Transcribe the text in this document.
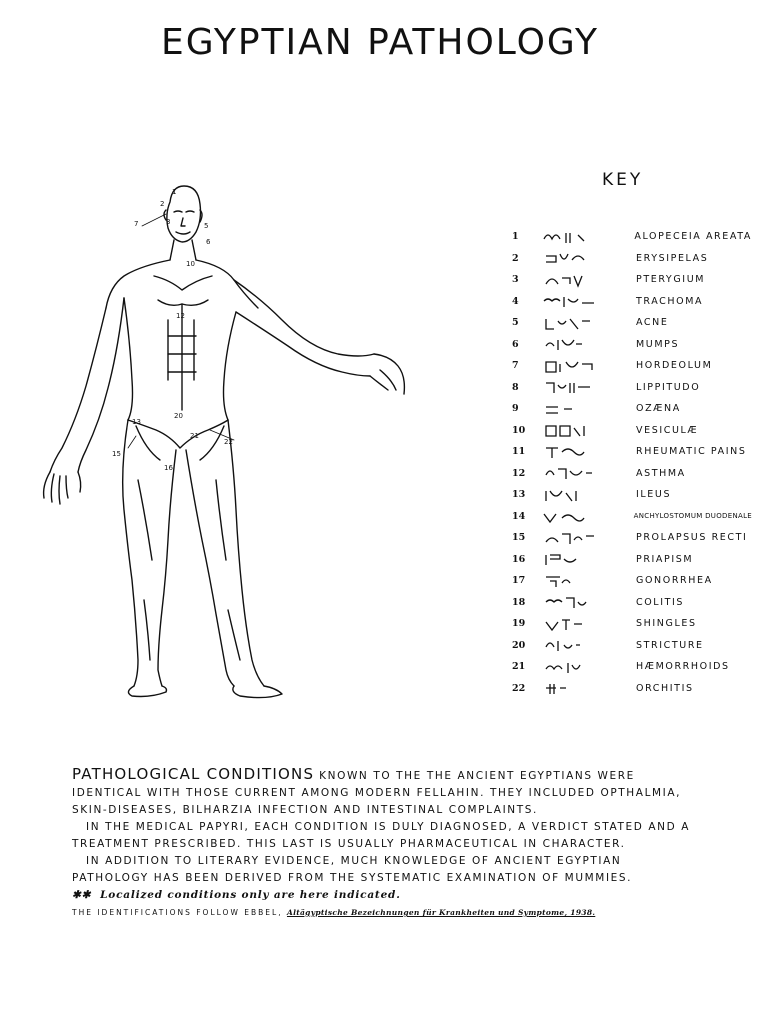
EGYPTIAN PATHOLOGY
1
2
3	5
6
7
10
12
13
15
16
20
21
22
KEY
1	ALOPECEIA AREATA
2	ERYSIPELAS
3	PTERYGIUM
4	TRACHOMA
5	ACNE
6	MUMPS
7	HORDEOLUM
8	LIPPITUDO
9	OZÆNA
10	VESICULÆ
11	RHEUMATIC PAINS
12	ASTHMA
13	ILEUS
14	ANCHYLOSTOMUM DUODENALE
15	PROLAPSUS RECTI
16	PRIAPISM
17	GONORRHEA
18	COLITIS
19	SHINGLES
20	STRICTURE
21	HÆMORRHOIDS
22	ORCHITIS

PATHOLOGICAL CONDITIONS KNOWN TO THE THE ANCIENT EGYPTIANS WERE IDENTICAL WITH THOSE CURRENT AMONG MODERN FELLAHIN. THEY INCLUDED OPTHALMIA, SKIN-DISEASES, BILHARZIA INFECTION AND INTESTINAL COMPLAINTS.

IN THE MEDICAL PAPYRI, EACH CONDITION IS DULY DIAGNOSED, A VERDICT STATED AND A TREATMENT PRESCRIBED. THIS LAST IS USUALLY PHARMACEUTICAL IN CHARACTER.

IN ADDITION TO LITERARY EVIDENCE, MUCH KNOWLEDGE OF ANCIENT EGYPTIAN PATHOLOGY HAS BEEN DERIVED FROM THE SYSTEMATIC EXAMINATION OF MUMMIES.

✱✱ Localized conditions only are here indicated.

THE IDENTIFICATIONS FOLLOW EBBEL, Altägyptische Bezeichnungen für Krankheiten und Symptome, 1938.
